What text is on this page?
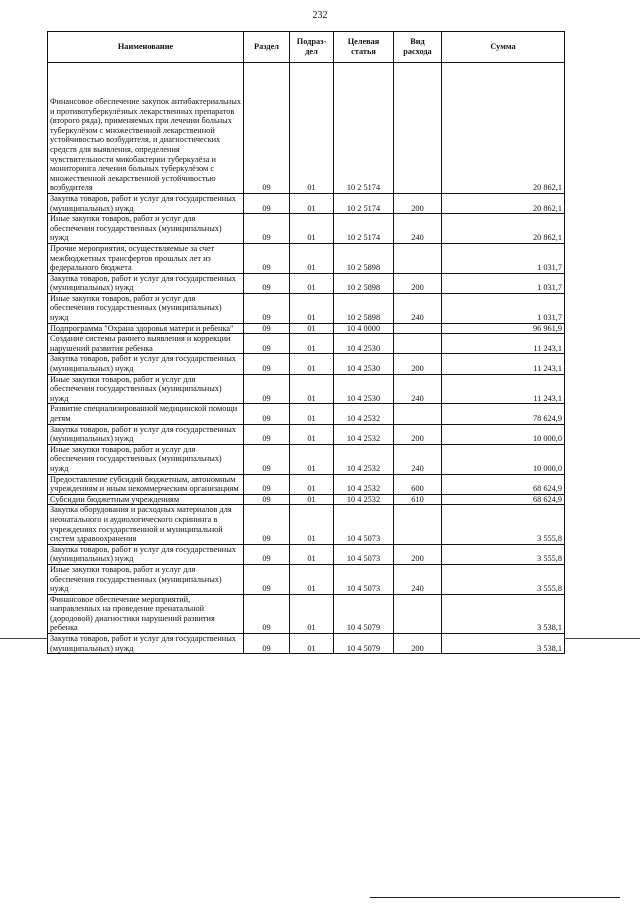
232
Наименование	Раздел	Подраз-дел	Целевая статья	Вид расхода	Сумма
Финансовое обеспечение закупок антибактериальных и противотуберкулёзных лекарственных препаратов (второго ряда), применяемых при лечении больных туберкулёзом с множественной лекарственной устойчивостью возбудителя, и диагностических средств для выявления, определения чувствительности микобактерии туберкулёза и мониторинга лечения больных туберкулёзом с множественной лекарственной устойчивостью возбудителя	09	01	10 2 5174		20 862,1
Закупка товаров, работ и услуг для государственных (муниципальных) нужд	09	01	10 2 5174	200	20 862,1
Иные закупки товаров, работ и услуг для обеспечения государственных (муниципальных) нужд	09	01	10 2 5174	240	20 862,1
Прочие мероприятия, осуществляемые за счет межбюджетных трансфертов прошлых лет из федерального бюджета	09	01	10 2 5898		1 031,7
Закупка товаров, работ и услуг для государственных (муниципальных) нужд	09	01	10 2 5898	200	1 031,7
Иные закупки товаров, работ и услуг для обеспечения государственных (муниципальных) нужд	09	01	10 2 5898	240	1 031,7
Подпрограмма "Охрана здоровья матери и ребенка"	09	01	10 4 0000		96 961,9
Создание системы раннего выявления и коррекции нарушений развития ребенка	09	01	10 4 2530		11 243,1
Закупка товаров, работ и услуг для государственных (муниципальных) нужд	09	01	10 4 2530	200	11 243,1
Иные закупки товаров, работ и услуг для обеспечения государственных (муниципальных) нужд	09	01	10 4 2530	240	11 243,1
Развитие специализированной медицинской помощи детям	09	01	10 4 2532		78 624,9
Закупка товаров, работ и услуг для государственных (муниципальных) нужд	09	01	10 4 2532	200	10 000,0
Иные закупки товаров, работ и услуг для обеспечения государственных (муниципальных) нужд	09	01	10 4 2532	240	10 000,0
Предоставление субсидий бюджетным, автономным учреждениям и иным некоммерческим организациям	09	01	10 4 2532	600	68 624,9
Субсидии бюджетным учреждениям	09	01	10 4 2532	610	68 624,9
Закупка оборудования и расходных материалов для неонатального и аудиологического скрининга в учреждениях государственной и муниципальной систем здравоохранения	09	01	10 4 5073		3 555,8
Закупка товаров, работ и услуг для государственных (муниципальных) нужд	09	01	10 4 5073	200	3 555,8
Иные закупки товаров, работ и услуг для обеспечения государственных (муниципальных) нужд	09	01	10 4 5073	240	3 555,8
Финансовое обеспечение мероприятий, направленных на проведение пренатальной (дородовой) диагностики нарушений развития ребенка	09	01	10 4 5079		3 538,1
Закупка товаров, работ и услуг для государственных (муниципальных) нужд	09	01	10 4 5079	200	3 538,1
